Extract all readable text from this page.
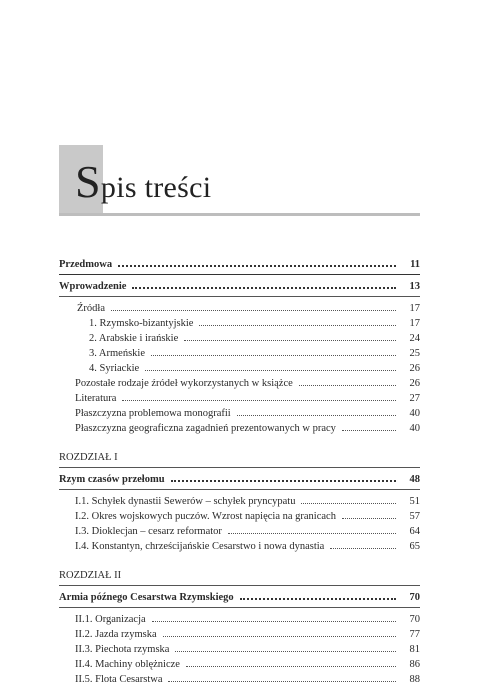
Spis treści
Przedmowa	11
Wprowadzenie	13
Źródła	17
1. Rzymsko-bizantyjskie	17
2. Arabskie i irańskie	24
3. Armeńskie	25
4. Syriackie	26
Pozostałe rodzaje źródeł wykorzystanych w książce	26
Literatura	27
Płaszczyzna problemowa monografii	40
Płaszczyzna geograficzna zagadnień prezentowanych w pracy	40
ROZDZIAŁ I
Rzym czasów przełomu	48
I.1. Schyłek dynastii Sewerów – schyłek pryncypatu	51
I.2. Okres wojskowych puczów. Wzrost napięcia na granicach	57
I.3. Dioklecjan – cesarz reformator	64
I.4. Konstantyn, chrześcijańskie Cesarstwo i nowa dynastia	65
ROZDZIAŁ II
Armia późnego Cesarstwa Rzymskiego	70
II.1. Organizacja	70
II.2. Jazda rzymska	77
II.3. Piechota rzymska	81
II.4. Machiny oblężnicze	86
II.5. Flota Cesarstwa	88
